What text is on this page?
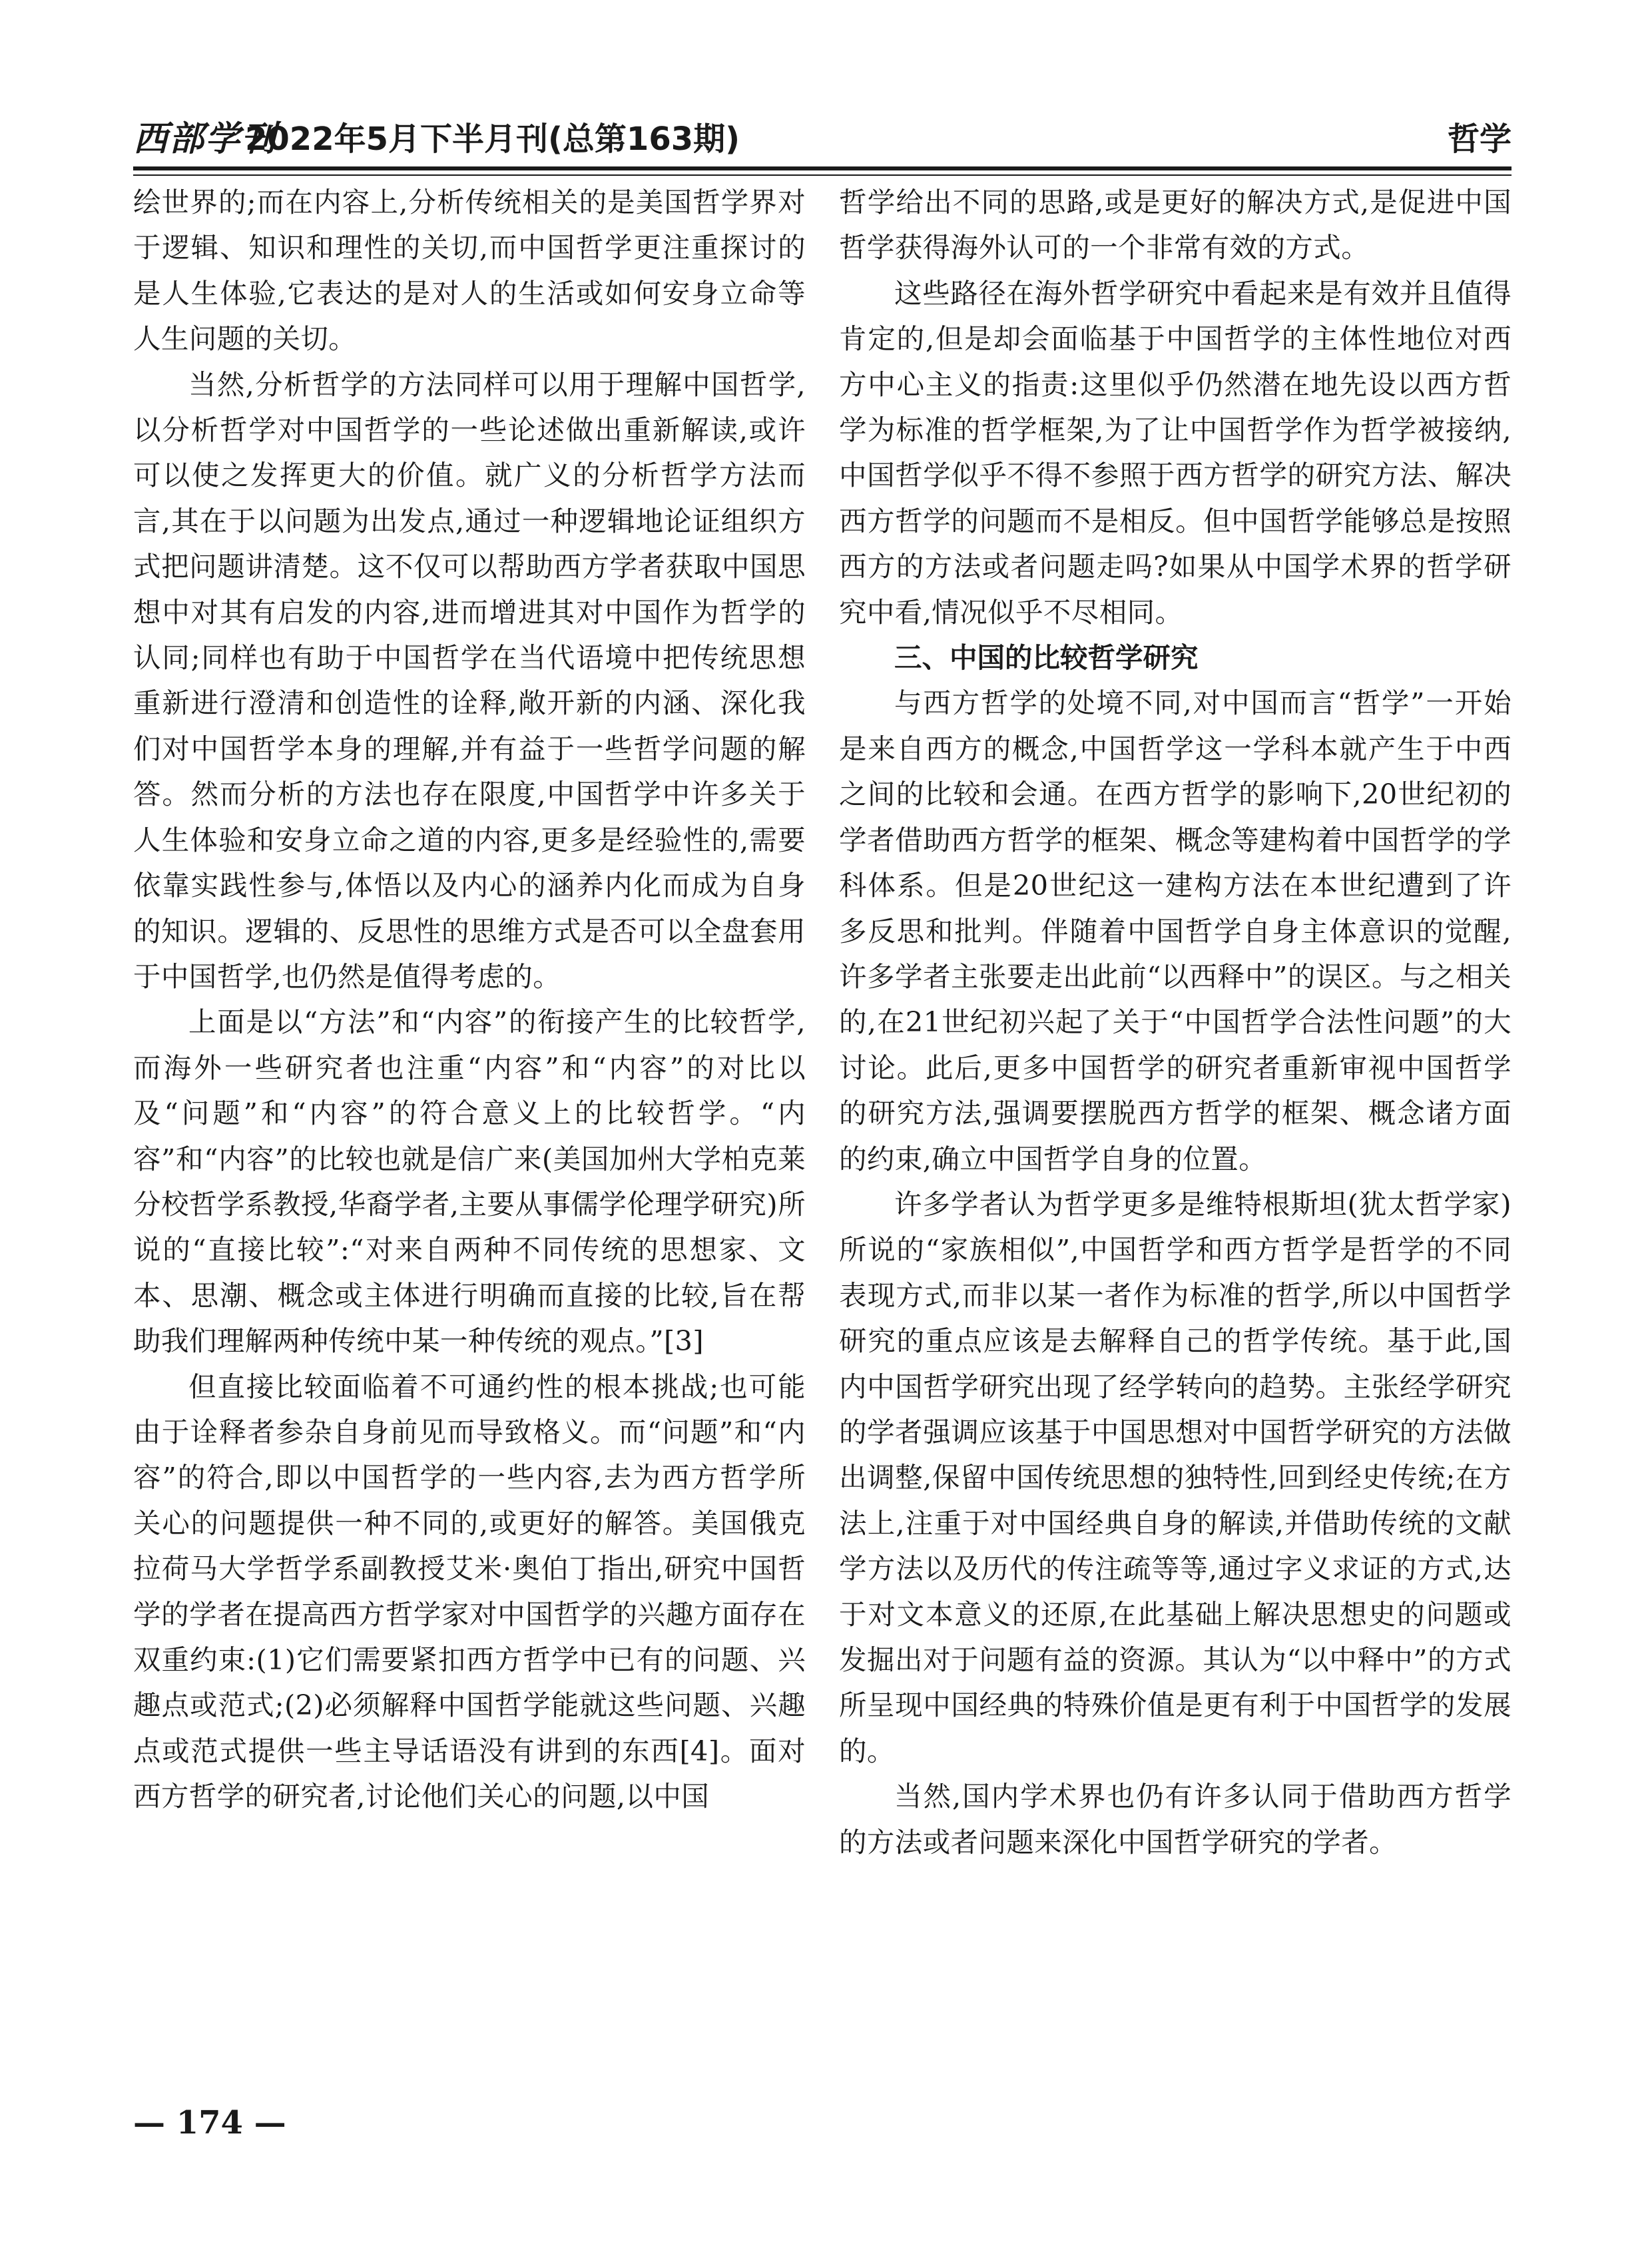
西部学刊
2022年5月下半月刊(总第163期)	哲学

绘世界的;而在内容上,分析传统相关的是美国哲学界对于逻辑、知识和理性的关切,而中国哲学更注重探讨的是人生体验,它表达的是对人的生活或如何安身立命等人生问题的关切。

当然,分析哲学的方法同样可以用于理解中国哲学,以分析哲学对中国哲学的一些论述做出重新解读,或许可以使之发挥更大的价值。就广义的分析哲学方法而言,其在于以问题为出发点,通过一种逻辑地论证组织方式把问题讲清楚。这不仅可以帮助西方学者获取中国思想中对其有启发的内容,进而增进其对中国作为哲学的认同;同样也有助于中国哲学在当代语境中把传统思想重新进行澄清和创造性的诠释,敞开新的内涵、深化我们对中国哲学本身的理解,并有益于一些哲学问题的解答。然而分析的方法也存在限度,中国哲学中许多关于人生体验和安身立命之道的内容,更多是经验性的,需要依靠实践性参与,体悟以及内心的涵养内化而成为自身的知识。逻辑的、反思性的思维方式是否可以全盘套用于中国哲学,也仍然是值得考虑的。

上面是以“方法”和“内容”的衔接产生的比较哲学,而海外一些研究者也注重“内容”和“内容”的对比以及“问题”和“内容”的符合意义上的比较哲学。“内容”和“内容”的比较也就是信广来(美国加州大学柏克莱分校哲学系教授,华裔学者,主要从事儒学伦理学研究)所说的“直接比较”:“对来自两种不同传统的思想家、文本、思潮、概念或主体进行明确而直接的比较,旨在帮助我们理解两种传统中某一种传统的观点。”[3]

但直接比较面临着不可通约性的根本挑战;也可能由于诠释者参杂自身前见而导致格义。而“问题”和“内容”的符合,即以中国哲学的一些内容,去为西方哲学所关心的问题提供一种不同的,或更好的解答。美国俄克拉荷马大学哲学系副教授艾米·奥伯丁指出,研究中国哲学的学者在提高西方哲学家对中国哲学的兴趣方面存在双重约束:(1)它们需要紧扣西方哲学中已有的问题、兴趣点或范式;(2)必须解释中国哲学能就这些问题、兴趣点或范式提供一些主导话语没有讲到的东西[4]。面对西方哲学的研究者,讨论他们关心的问题,以中国

哲学给出不同的思路,或是更好的解决方式,是促进中国哲学获得海外认可的一个非常有效的方式。

这些路径在海外哲学研究中看起来是有效并且值得肯定的,但是却会面临基于中国哲学的主体性地位对西方中心主义的指责:这里似乎仍然潜在地先设以西方哲学为标准的哲学框架,为了让中国哲学作为哲学被接纳,中国哲学似乎不得不参照于西方哲学的研究方法、解决西方哲学的问题而不是相反。但中国哲学能够总是按照西方的方法或者问题走吗?如果从中国学术界的哲学研究中看,情况似乎不尽相同。

三、中国的比较哲学研究

与西方哲学的处境不同,对中国而言“哲学”一开始是来自西方的概念,中国哲学这一学科本就产生于中西之间的比较和会通。在西方哲学的影响下,20世纪初的学者借助西方哲学的框架、概念等建构着中国哲学的学科体系。但是20世纪这一建构方法在本世纪遭到了许多反思和批判。伴随着中国哲学自身主体意识的觉醒,许多学者主张要走出此前“以西释中”的误区。与之相关的,在21世纪初兴起了关于“中国哲学合法性问题”的大讨论。此后,更多中国哲学的研究者重新审视中国哲学的研究方法,强调要摆脱西方哲学的框架、概念诸方面的约束,确立中国哲学自身的位置。

许多学者认为哲学更多是维特根斯坦(犹太哲学家)所说的“家族相似”,中国哲学和西方哲学是哲学的不同表现方式,而非以某一者作为标准的哲学,所以中国哲学研究的重点应该是去解释自己的哲学传统。基于此,国内中国哲学研究出现了经学转向的趋势。主张经学研究的学者强调应该基于中国思想对中国哲学研究的方法做出调整,保留中国传统思想的独特性,回到经史传统;在方法上,注重于对中国经典自身的解读,并借助传统的文献学方法以及历代的传注疏等等,通过字义求证的方式,达于对文本意义的还原,在此基础上解决思想史的问题或发掘出对于问题有益的资源。其认为“以中释中”的方式所呈现中国经典的特殊价值是更有利于中国哲学的发展的。

当然,国内学术界也仍有许多认同于借助西方哲学的方法或者问题来深化中国哲学研究的学者。

— 174 —
